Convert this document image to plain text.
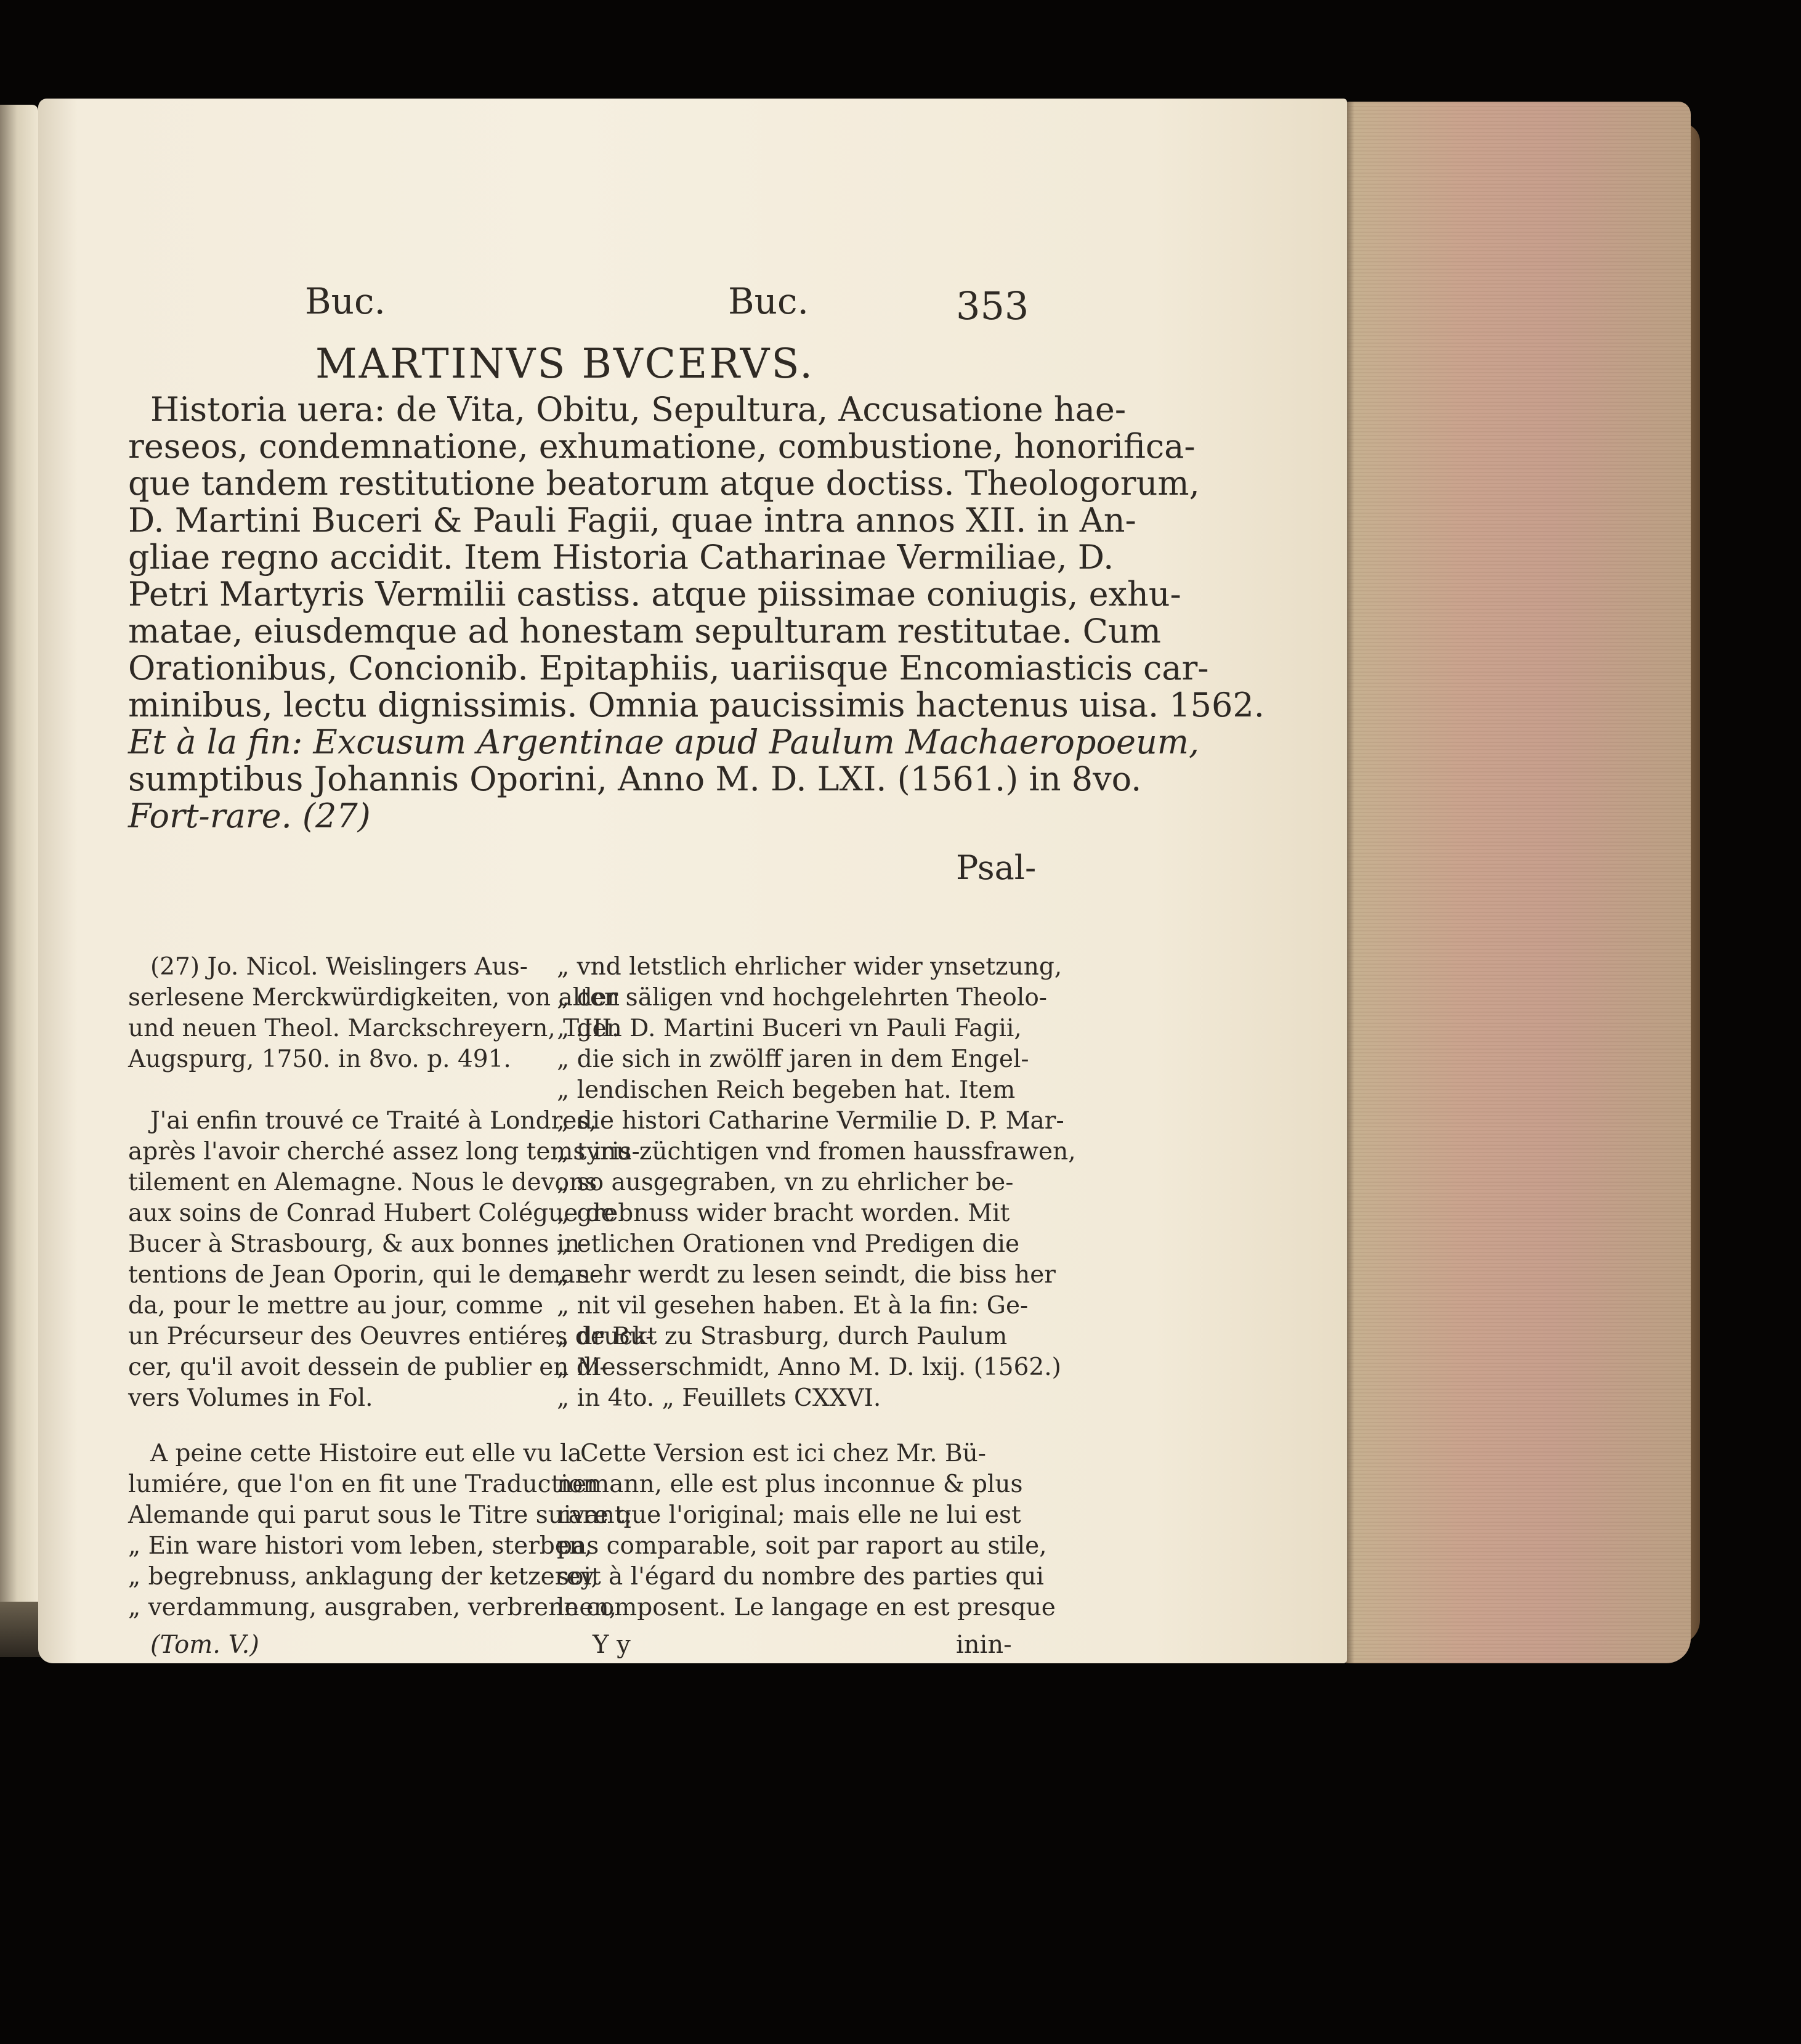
Buc.	Buc.	353
MARTINVS BVCERVS.
Historia uera: de Vita, Obitu, Sepultura, Accusatione hae-
reseos, condemnatione, exhumatione, combustione, honorifica-
que tandem restitutione beatorum atque doctiss. Theologorum,
D. Martini Buceri & Pauli Fagii, quae intra annos XII. in An-
gliae regno accidit. Item Historia Catharinae Vermiliae, D.
Petri Martyris Vermilii castiss. atque piissimae coniugis, exhu-
matae, eiusdemque ad honestam sepulturam restitutae. Cum
Orationibus, Concionib. Epitaphiis, uariisque Encomiasticis car-
minibus, lectu dignissimis. Omnia paucissimis hactenus uisa. 1562.
Et à la fin: Excusum Argentinae apud Paulum Machaeropoeum,
sumptibus Johannis Oporini, Anno M. D. LXI. (1561.) in 8vo.
Fort-rare. (27)
Psal-
(27) Jo. Nicol. Weislingers Aus-
serlesene Merckwürdigkeiten, von alten
und neuen Theol. Marckschreyern, T.III.
Augspurg, 1750. in 8vo. p. 491.
J'ai enfin trouvé ce Traité à Londres,
après l'avoir cherché assez long tems inu-
tilement en Alemagne. Nous le devons
aux soins de Conrad Hubert Colégue de
Bucer à Strasbourg, & aux bonnes in-
tentions de Jean Oporin, qui le deman-
da, pour le mettre au jour, comme
un Précurseur des Oeuvres entiéres de Bu-
cer, qu'il avoit dessein de publier en di-
vers Volumes in Fol.
A peine cette Histoire eut elle vu la
lumiére, que l'on en fit une Traduction
Alemande qui parut sous le Titre suivant:
„ Ein ware histori vom leben, sterben,
„ begrebnuss, anklagung der ketzerey,
„ verdammung, ausgraben, verbrennen,
(Tom. V.)
„ vnd letstlich ehrlicher wider ynsetzung,
„ der säligen vnd hochgelehrten Theolo-
„ gen D. Martini Buceri vn Pauli Fagii,
„ die sich in zwölff jaren in dem Engel-
„ lendischen Reich begeben hat. Item
„ die histori Catharine Vermilie D. P. Mar-
„ tyris züchtigen vnd fromen haussfrawen,
„ so ausgegraben, vn zu ehrlicher be-
„ grebnuss wider bracht worden. Mit
„ etlichen Orationen vnd Predigen die
„ sehr werdt zu lesen seindt, die biss her
„ nit vil gesehen haben. Et à la fin: Ge-
„ druckt zu Strasburg, durch Paulum
„ Messerschmidt, Anno M. D. lxij. (1562.)
„ in 4to. „ Feuillets CXXVI.
Cette Version est ici chez Mr. Bü-
nemann, elle est plus inconnue & plus
rare que l'original; mais elle ne lui est
pas comparable, soit par raport au stile,
soit à l'égard du nombre des parties qui
le composent. Le langage en est presque
Y y	inin-
